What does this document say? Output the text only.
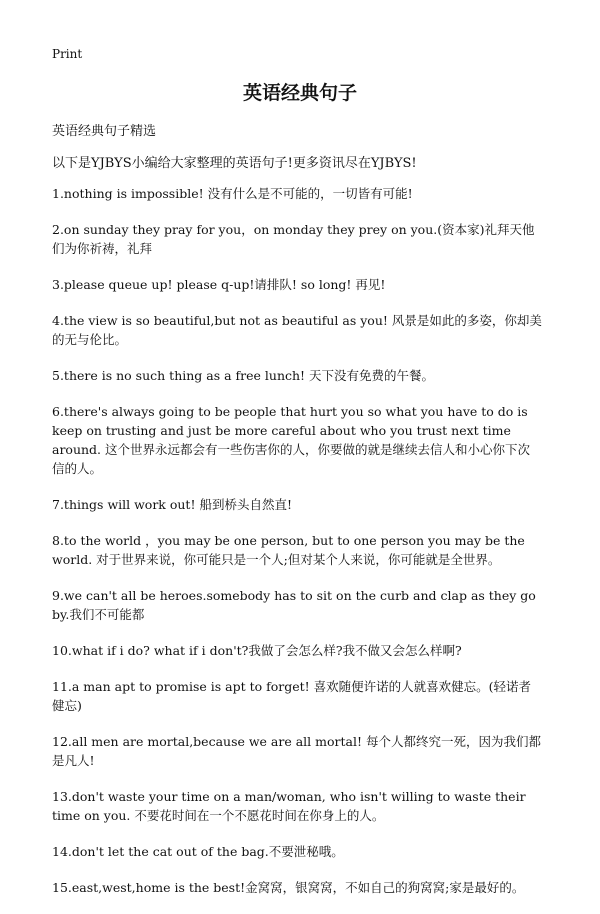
Print
英语经典句子
英语经典句子精选
以下是YJBYS小编给大家整理的英语句子!更多资讯尽在YJBYS!
1.nothing is impossible! 没有什么是不可能的，一切皆有可能!
2.on sunday they pray for you，on monday they prey on you.(资本家)礼拜天他们为你祈祷，礼拜
3.please queue up! please q-up!请排队! so long! 再见!
4.the view is so beautiful,but not as beautiful as you! 风景是如此的多姿，你却美的无与伦比。
5.there is no such thing as a free lunch! 天下没有免费的午餐。
6.there's always going to be people that hurt you so what you have to do is keep on trusting and just be more careful about who you trust next time around. 这个世界永远都会有一些伤害你的人，你要做的就是继续去信人和小心你下次信的人。
7.things will work out! 船到桥头自然直!
8.to the world ，you may be one person, but to one person you may be the world. 对于世界来说，你可能只是一个人;但对某个人来说，你可能就是全世界。
9.we can't all be heroes.somebody has to sit on the curb and clap as they go by.我们不可能都
10.what if i do? what if i don't?我做了会怎么样?我不做又会怎么样啊?
11.a man apt to promise is apt to forget! 喜欢随便许诺的人就喜欢健忘。(轻诺者健忘)
12.all men are mortal,because we are all mortal! 每个人都终究一死，因为我们都是凡人!
13.don't waste your time on a man/woman, who isn't willing to waste their time on you. 不要花时间在一个不愿花时间在你身上的人。
14.don't let the cat out of the bag.不要泄秘哦。
15.east,west,home is the best!金窝窝，银窝窝，不如自己的狗窝窝;家是最好的。
